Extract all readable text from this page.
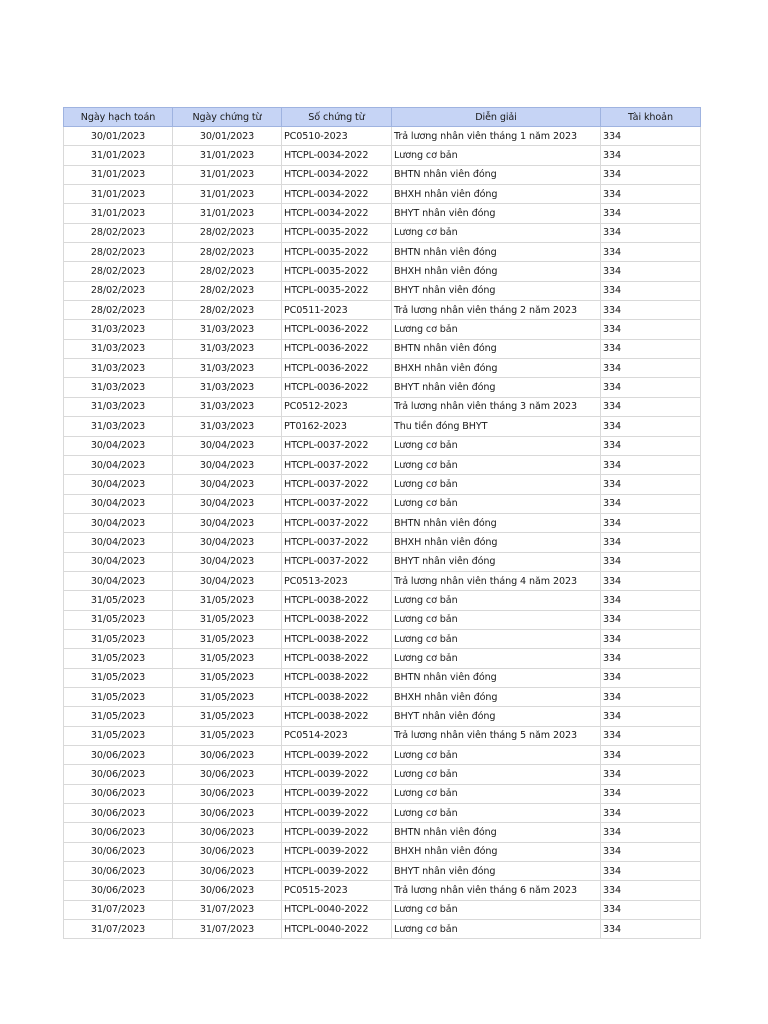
Ngày hạch toán	Ngày chứng từ	Số chứng từ	Diễn giải	Tài khoản
30/01/2023	30/01/2023	PC0510-2023	Trả lương nhân viên tháng 1 năm 2023	334
31/01/2023	31/01/2023	HTCPL-0034-2022	Lương cơ bản	334
31/01/2023	31/01/2023	HTCPL-0034-2022	BHTN nhân viên đóng	334
31/01/2023	31/01/2023	HTCPL-0034-2022	BHXH nhân viên đóng	334
31/01/2023	31/01/2023	HTCPL-0034-2022	BHYT nhân viên đóng	334
28/02/2023	28/02/2023	HTCPL-0035-2022	Lương cơ bản	334
28/02/2023	28/02/2023	HTCPL-0035-2022	BHTN nhân viên đóng	334
28/02/2023	28/02/2023	HTCPL-0035-2022	BHXH nhân viên đóng	334
28/02/2023	28/02/2023	HTCPL-0035-2022	BHYT nhân viên đóng	334
28/02/2023	28/02/2023	PC0511-2023	Trả lương nhân viên tháng 2 năm 2023	334
31/03/2023	31/03/2023	HTCPL-0036-2022	Lương cơ bản	334
31/03/2023	31/03/2023	HTCPL-0036-2022	BHTN nhân viên đóng	334
31/03/2023	31/03/2023	HTCPL-0036-2022	BHXH nhân viên đóng	334
31/03/2023	31/03/2023	HTCPL-0036-2022	BHYT nhân viên đóng	334
31/03/2023	31/03/2023	PC0512-2023	Trả lương nhân viên tháng 3 năm 2023	334
31/03/2023	31/03/2023	PT0162-2023	Thu tiền đóng BHYT	334
30/04/2023	30/04/2023	HTCPL-0037-2022	Lương cơ bản	334
30/04/2023	30/04/2023	HTCPL-0037-2022	Lương cơ bản	334
30/04/2023	30/04/2023	HTCPL-0037-2022	Lương cơ bản	334
30/04/2023	30/04/2023	HTCPL-0037-2022	Lương cơ bản	334
30/04/2023	30/04/2023	HTCPL-0037-2022	BHTN nhân viên đóng	334
30/04/2023	30/04/2023	HTCPL-0037-2022	BHXH nhân viên đóng	334
30/04/2023	30/04/2023	HTCPL-0037-2022	BHYT nhân viên đóng	334
30/04/2023	30/04/2023	PC0513-2023	Trả lương nhân viên tháng 4 năm 2023	334
31/05/2023	31/05/2023	HTCPL-0038-2022	Lương cơ bản	334
31/05/2023	31/05/2023	HTCPL-0038-2022	Lương cơ bản	334
31/05/2023	31/05/2023	HTCPL-0038-2022	Lương cơ bản	334
31/05/2023	31/05/2023	HTCPL-0038-2022	Lương cơ bản	334
31/05/2023	31/05/2023	HTCPL-0038-2022	BHTN nhân viên đóng	334
31/05/2023	31/05/2023	HTCPL-0038-2022	BHXH nhân viên đóng	334
31/05/2023	31/05/2023	HTCPL-0038-2022	BHYT nhân viên đóng	334
31/05/2023	31/05/2023	PC0514-2023	Trả lương nhân viên tháng 5 năm 2023	334
30/06/2023	30/06/2023	HTCPL-0039-2022	Lương cơ bản	334
30/06/2023	30/06/2023	HTCPL-0039-2022	Lương cơ bản	334
30/06/2023	30/06/2023	HTCPL-0039-2022	Lương cơ bản	334
30/06/2023	30/06/2023	HTCPL-0039-2022	Lương cơ bản	334
30/06/2023	30/06/2023	HTCPL-0039-2022	BHTN nhân viên đóng	334
30/06/2023	30/06/2023	HTCPL-0039-2022	BHXH nhân viên đóng	334
30/06/2023	30/06/2023	HTCPL-0039-2022	BHYT nhân viên đóng	334
30/06/2023	30/06/2023	PC0515-2023	Trả lương nhân viên tháng 6 năm 2023	334
31/07/2023	31/07/2023	HTCPL-0040-2022	Lương cơ bản	334
31/07/2023	31/07/2023	HTCPL-0040-2022	Lương cơ bản	334
